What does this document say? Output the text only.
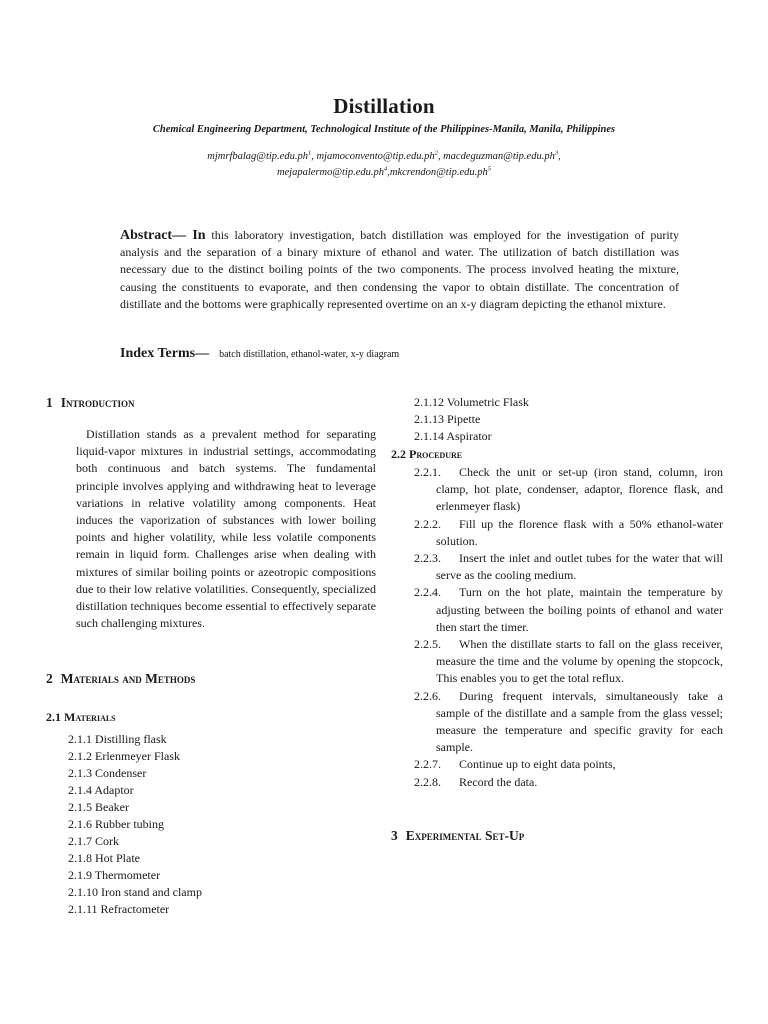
Distillation
Chemical Engineering Department, Technological Institute of the Philippines-Manila, Manila, Philippines
$mjmrfbalag@tip.edu.ph^1$, $mjamoconvento@tip.edu.ph^2$, $macdeguzman@tip.edu.ph^3$,
$mejapalermo@tip.edu.ph^4,mkcrendon@tip.edu.ph^5$

Abstract— In this laboratory investigation, batch distillation was employed for the investigation of purity analysis and the separation of a binary mixture of ethanol and water. The utilization of batch distillation was necessary due to the distinct boiling points of the two components. The process involved heating the mixture, causing the constituents to evaporate, and then condensing the vapor to obtain distillate. The concentration of distillate and the bottoms were graphically represented overtime on an x-y diagram depicting the ethanol mixture.

Index Terms— batch distillation, ethanol-water, x-y diagram
1 Introduction

Distillation stands as a prevalent method for separating liquid-vapor mixtures in industrial settings, accommodating both continuous and batch systems. The fundamental principle involves applying and withdrawing heat to leverage variations in relative volatility among components. Heat induces the vaporization of substances with lower boiling points and higher volatility, while less volatile components remain in liquid form. Challenges arise when dealing with mixtures of similar boiling points or azeotropic compositions due to their low relative volatilities. Consequently, specialized distillation techniques become essential to effectively separate such challenging mixtures.

2 Materials and Methods
2.1 Materials
2.1.1 Distilling flask
2.1.2 Erlenmeyer Flask
2.1.3 Condenser
2.1.4 Adaptor
2.1.5 Beaker
2.1.6 Rubber tubing
2.1.7 Cork
2.1.8 Hot Plate
2.1.9 Thermometer
2.1.10 Iron stand and clamp
2.1.11 Refractometer
2.1.12 Volumetric Flask
2.1.13 Pipette
2.1.14 Aspirator
2.2 Procedure
2.2.1. Check the unit or set-up (iron stand, column, iron clamp, hot plate, condenser, adaptor, florence flask, and erlenmeyer flask)
2.2.2. Fill up the florence flask with a 50% ethanol-water solution.
2.2.3. Insert the inlet and outlet tubes for the water that will serve as the cooling medium.
2.2.4. Turn on the hot plate, maintain the temperature by adjusting between the boiling points of ethanol and water then start the timer.
2.2.5. When the distillate starts to fall on the glass receiver, measure the time and the volume by opening the stopcock, This enables you to get the total reflux.
2.2.6. During frequent intervals, simultaneously take a sample of the distillate and a sample from the glass vessel; measure the temperature and specific gravity for each sample.
2.2.7. Continue up to eight data points,
2.2.8. Record the data.
3 Experimental Set-Up
